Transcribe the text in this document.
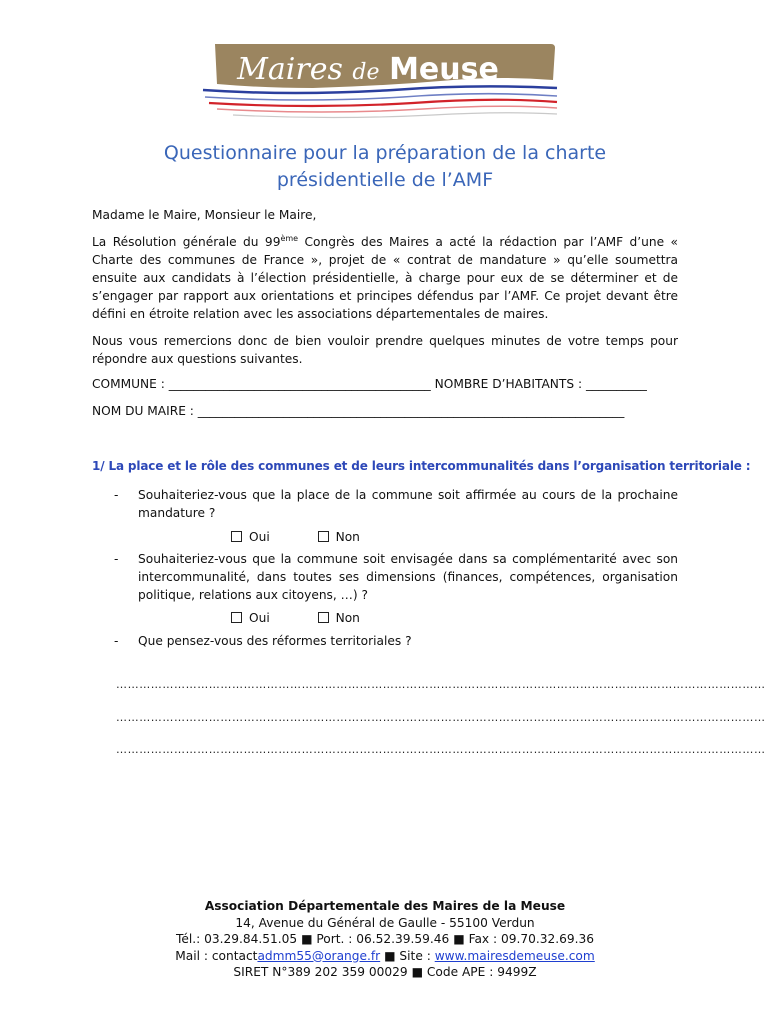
Maires de Meuse
Questionnaire pour la préparation de la charte
présidentielle de l’AMF
Madame le Maire, Monsieur le Maire,
La Résolution générale du 99ème Congrès des Maires a acté la rédaction par l’AMF d’une « Charte des communes de France », projet de « contrat de mandature » qu’elle soumettra ensuite aux candidats à l’élection présidentielle, à charge pour eux de se déterminer et de s’engager par rapport aux orientations et principes défendus par l’AMF. Ce projet devant être défini en étroite relation avec les associations départementales de maires.
Nous vous remercions donc de bien vouloir prendre quelques minutes de votre temps pour répondre aux questions suivantes.
COMMUNE : ___________________________________________ NOMBRE D’HABITANTS : __________
NOM DU MAIRE : ______________________________________________________________________
1/ La place et le rôle des communes et de leurs intercommunalités dans l’organisation territoriale :
- Souhaiteriez-vous que la place de la commune soit affirmée au cours de la prochaine mandature ?
Oui	Non
- Souhaiteriez-vous que la commune soit envisagée dans sa complémentarité avec son intercommunalité, dans toutes ses dimensions (finances, compétences, organisation politique, relations aux citoyens, …) ?
Oui	Non
- Que pensez-vous des réformes territoriales ?
……………………………………………………………………………………………………………………………………………………
……………………………………………………………………………………………………………………………………………………
……………………………………………………………………………………………………………………………………………………
Association Départementale des Maires de la Meuse
14, Avenue du Général de Gaulle - 55100 Verdun
Tél.: 03.29.84.51.05 ■ Port. : 06.52.39.59.46 ■ Fax : 09.70.32.69.36
Mail : contactadmm55@orange.fr ■ Site : www.mairesdemeuse.com
SIRET N°389 202 359 00029 ■ Code APE : 9499Z
